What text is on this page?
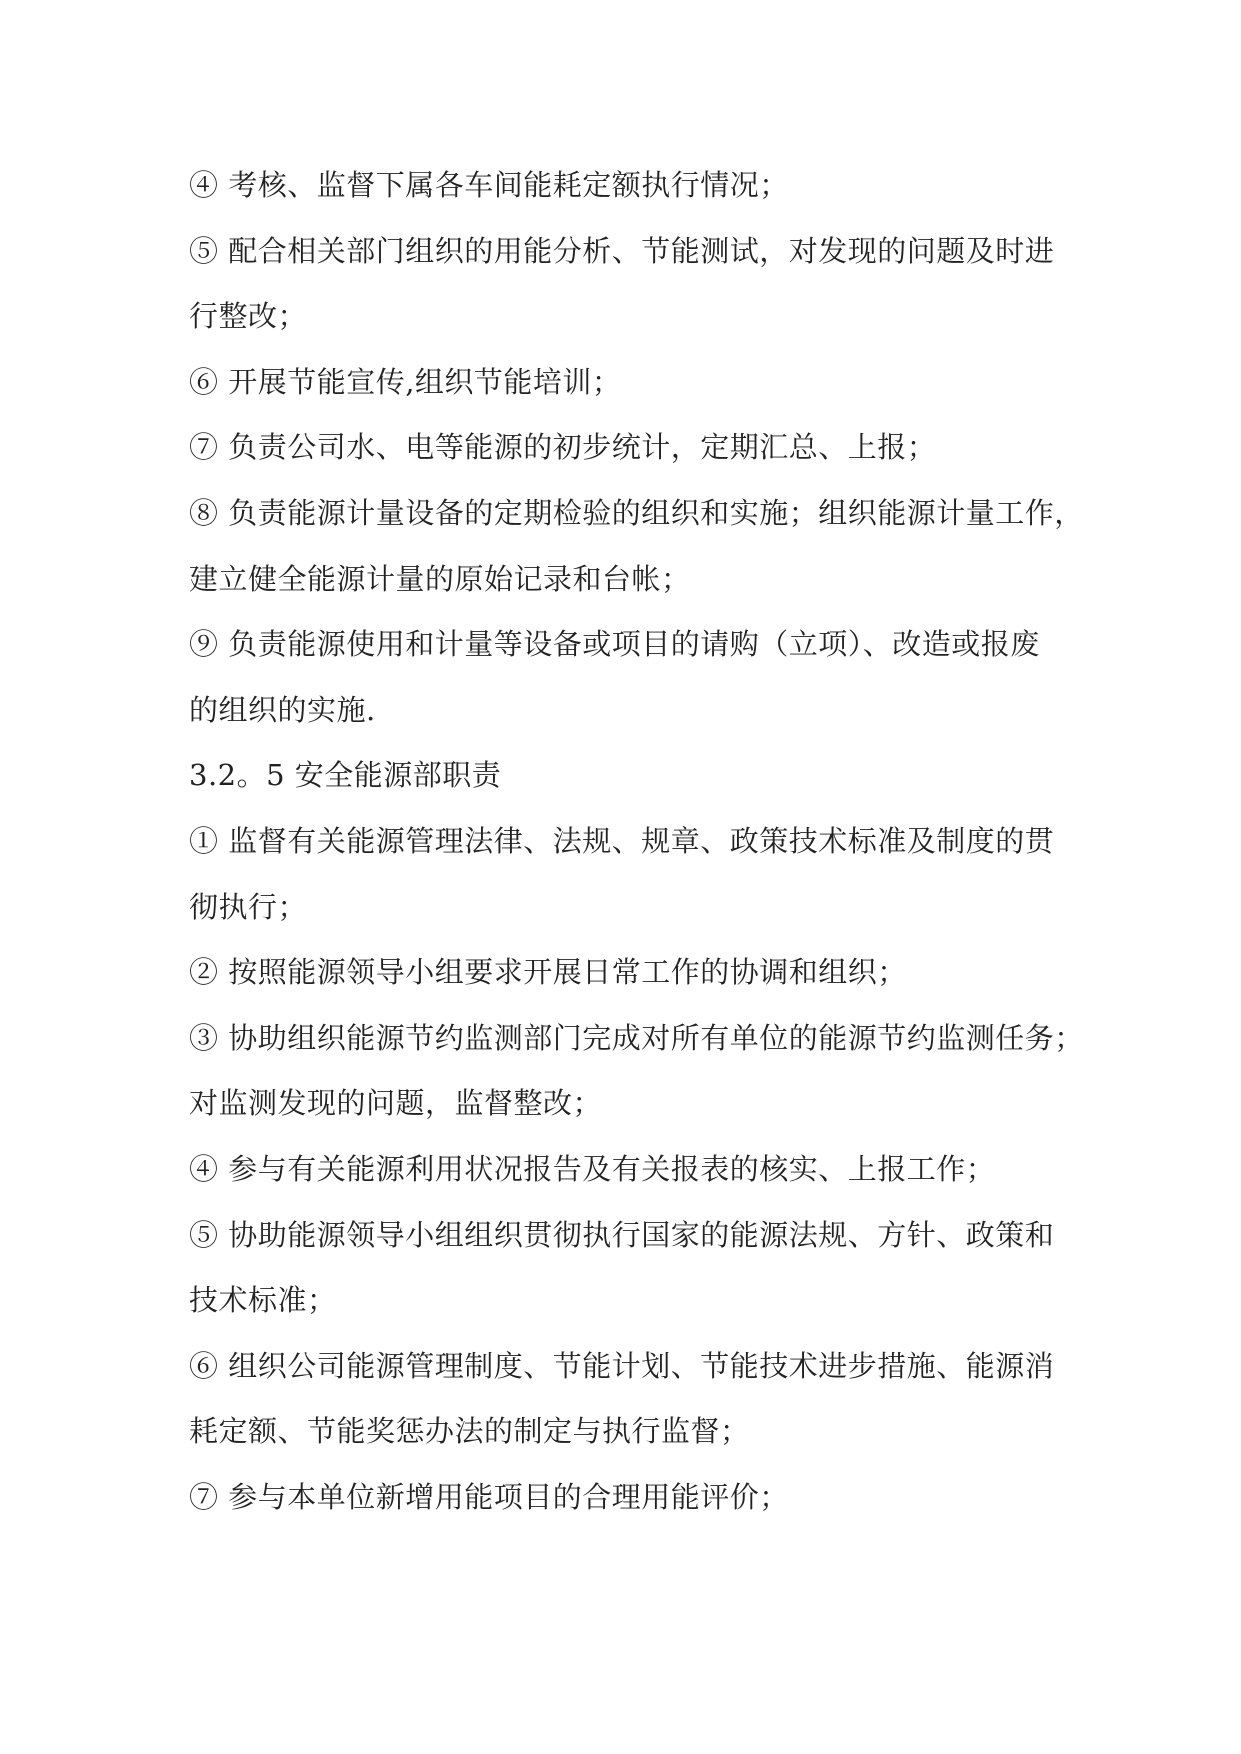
④ 考核、监督下属各车间能耗定额执行情况；
⑤ 配合相关部门组织的用能分析、节能测试，对发现的问题及时进
行整改；
⑥ 开展节能宣传,组织节能培训；
⑦ 负责公司水、电等能源的初步统计，定期汇总、上报；
⑧ 负责能源计量设备的定期检验的组织和实施；组织能源计量工作，
建立健全能源计量的原始记录和台帐；
⑨ 负责能源使用和计量等设备或项目的请购（立项）、改造或报废
的组织的实施.
3.2。5 安全能源部职责
① 监督有关能源管理法律、法规、规章、政策技术标准及制度的贯
彻执行；
② 按照能源领导小组要求开展日常工作的协调和组织；
③ 协助组织能源节约监测部门完成对所有单位的能源节约监测任务；
对监测发现的问题，监督整改；
④ 参与有关能源利用状况报告及有关报表的核实、上报工作；
⑤ 协助能源领导小组组织贯彻执行国家的能源法规、方针、政策和
技术标准；
⑥ 组织公司能源管理制度、节能计划、节能技术进步措施、能源消
耗定额、节能奖惩办法的制定与执行监督；
⑦ 参与本单位新增用能项目的合理用能评价；
